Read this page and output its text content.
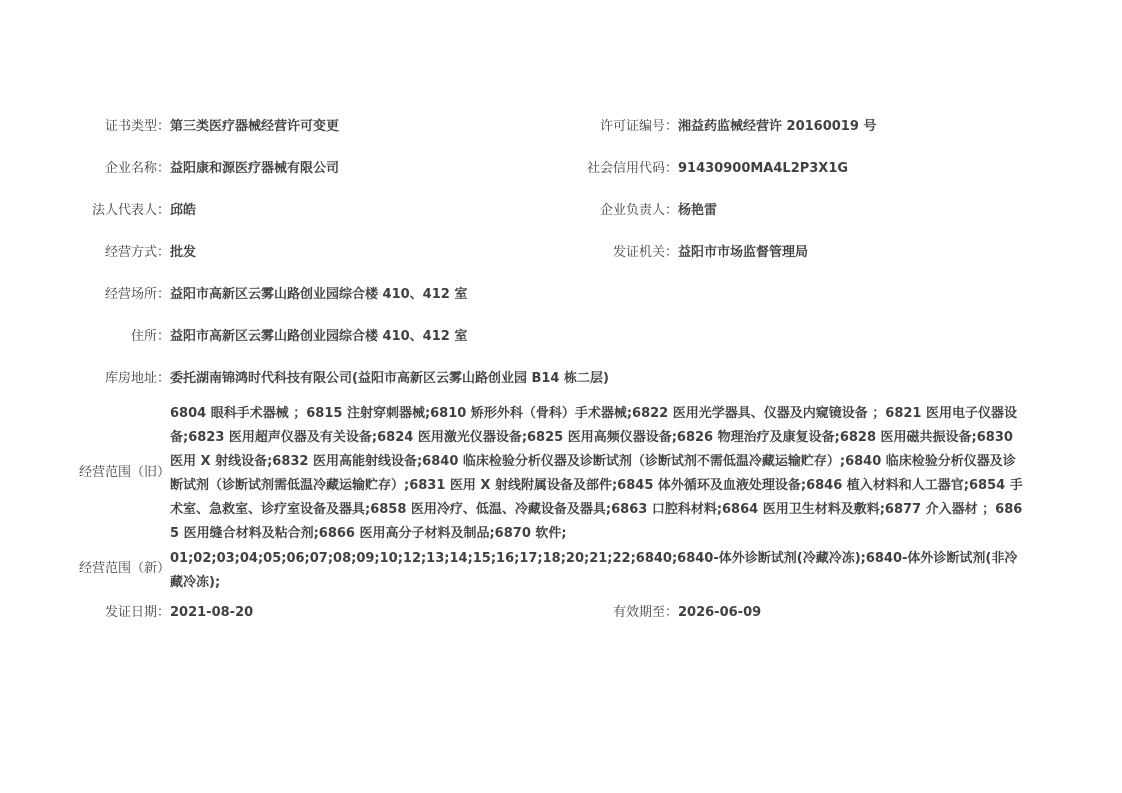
证书类型： 第三类医疗器械经营许可变更	许可证编号： 湘益药监械经营许 20160019 号
企业名称： 益阳康和源医疗器械有限公司	社会信用代码： 91430900MA4L2P3X1G
法人代表人： 邱皓	企业负责人： 杨艳雷
经营方式： 批发	发证机关： 益阳市市场监督管理局
经营场所： 益阳市高新区云雾山路创业园综合楼 410、412 室
住所： 益阳市高新区云雾山路创业园综合楼 410、412 室
库房地址： 委托湖南锦鸿时代科技有限公司(益阳市高新区云雾山路创业园 B14 栋二层)
经营范围（旧）
6804 眼科手术器械 ；6815 注射穿刺器械;6810 矫形外科（骨科）手术器械;6822 医用光学器具、仪器及内窥镜设备 ；6821 医用电子仪器设备;6823 医用超声仪器及有关设备;6824 医用激光仪器设备;6825 医用高频仪器设备;6826 物理治疗及康复设备;6828 医用磁共振设备;6830 医用 X 射线设备;6832 医用高能射线设备;6840 临床检验分析仪器及诊断试剂（诊断试剂不需低温冷藏运输贮存）;6840 临床检验分析仪器及诊断试剂（诊断试剂需低温冷藏运输贮存）;6831 医用 X 射线附属设备及部件;6845 体外循环及血液处理设备;6846 植入材料和人工器官;6854 手术室、急救室、诊疗室设备及器具;6858 医用冷疗、低温、冷藏设备及器具;6863 口腔科材料;6864 医用卫生材料及敷料;6877 介入器材 ；6865 医用缝合材料及粘合剂;6866 医用高分子材料及制品;6870 软件;
经营范围（新）
01;02;03;04;05;06;07;08;09;10;12;13;14;15;16;17;18;20;21;22;6840;6840-体外诊断试剂(冷藏冷冻);6840-体外诊断试剂(非冷藏冷冻);
发证日期： 2021-08-20	有效期至： 2026-06-09
